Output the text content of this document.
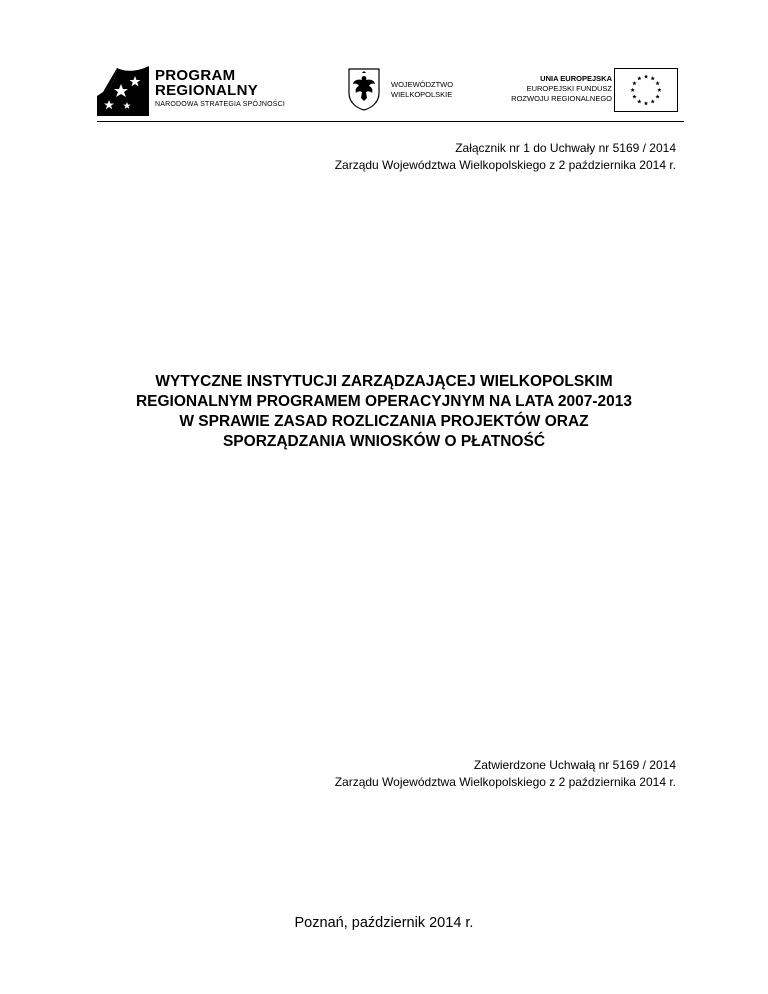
PROGRAM
REGIONALNY
NARODOWA STRATEGIA SPÓJNOŚCI
WOJEWÓDZTWO
WIELKOPOLSKIE
UNIA EUROPEJSKA
EUROPEJSKI FUNDUSZ
ROZWOJU REGIONALNEGO
Załącznik nr 1 do Uchwały nr 5169 / 2014
Zarządu Województwa Wielkopolskiego z 2 października 2014 r.
WYTYCZNE INSTYTUCJI ZARZĄDZAJĄCEJ WIELKOPOLSKIM
REGIONALNYM PROGRAMEM OPERACYJNYM NA LATA 2007-2013
W SPRAWIE ZASAD ROZLICZANIA PROJEKTÓW ORAZ
SPORZĄDZANIA WNIOSKÓW O PŁATNOŚĆ
Zatwierdzone Uchwałą nr 5169 / 2014
Zarządu Województwa Wielkopolskiego z 2 października 2014 r.
Poznań, październik 2014 r.
